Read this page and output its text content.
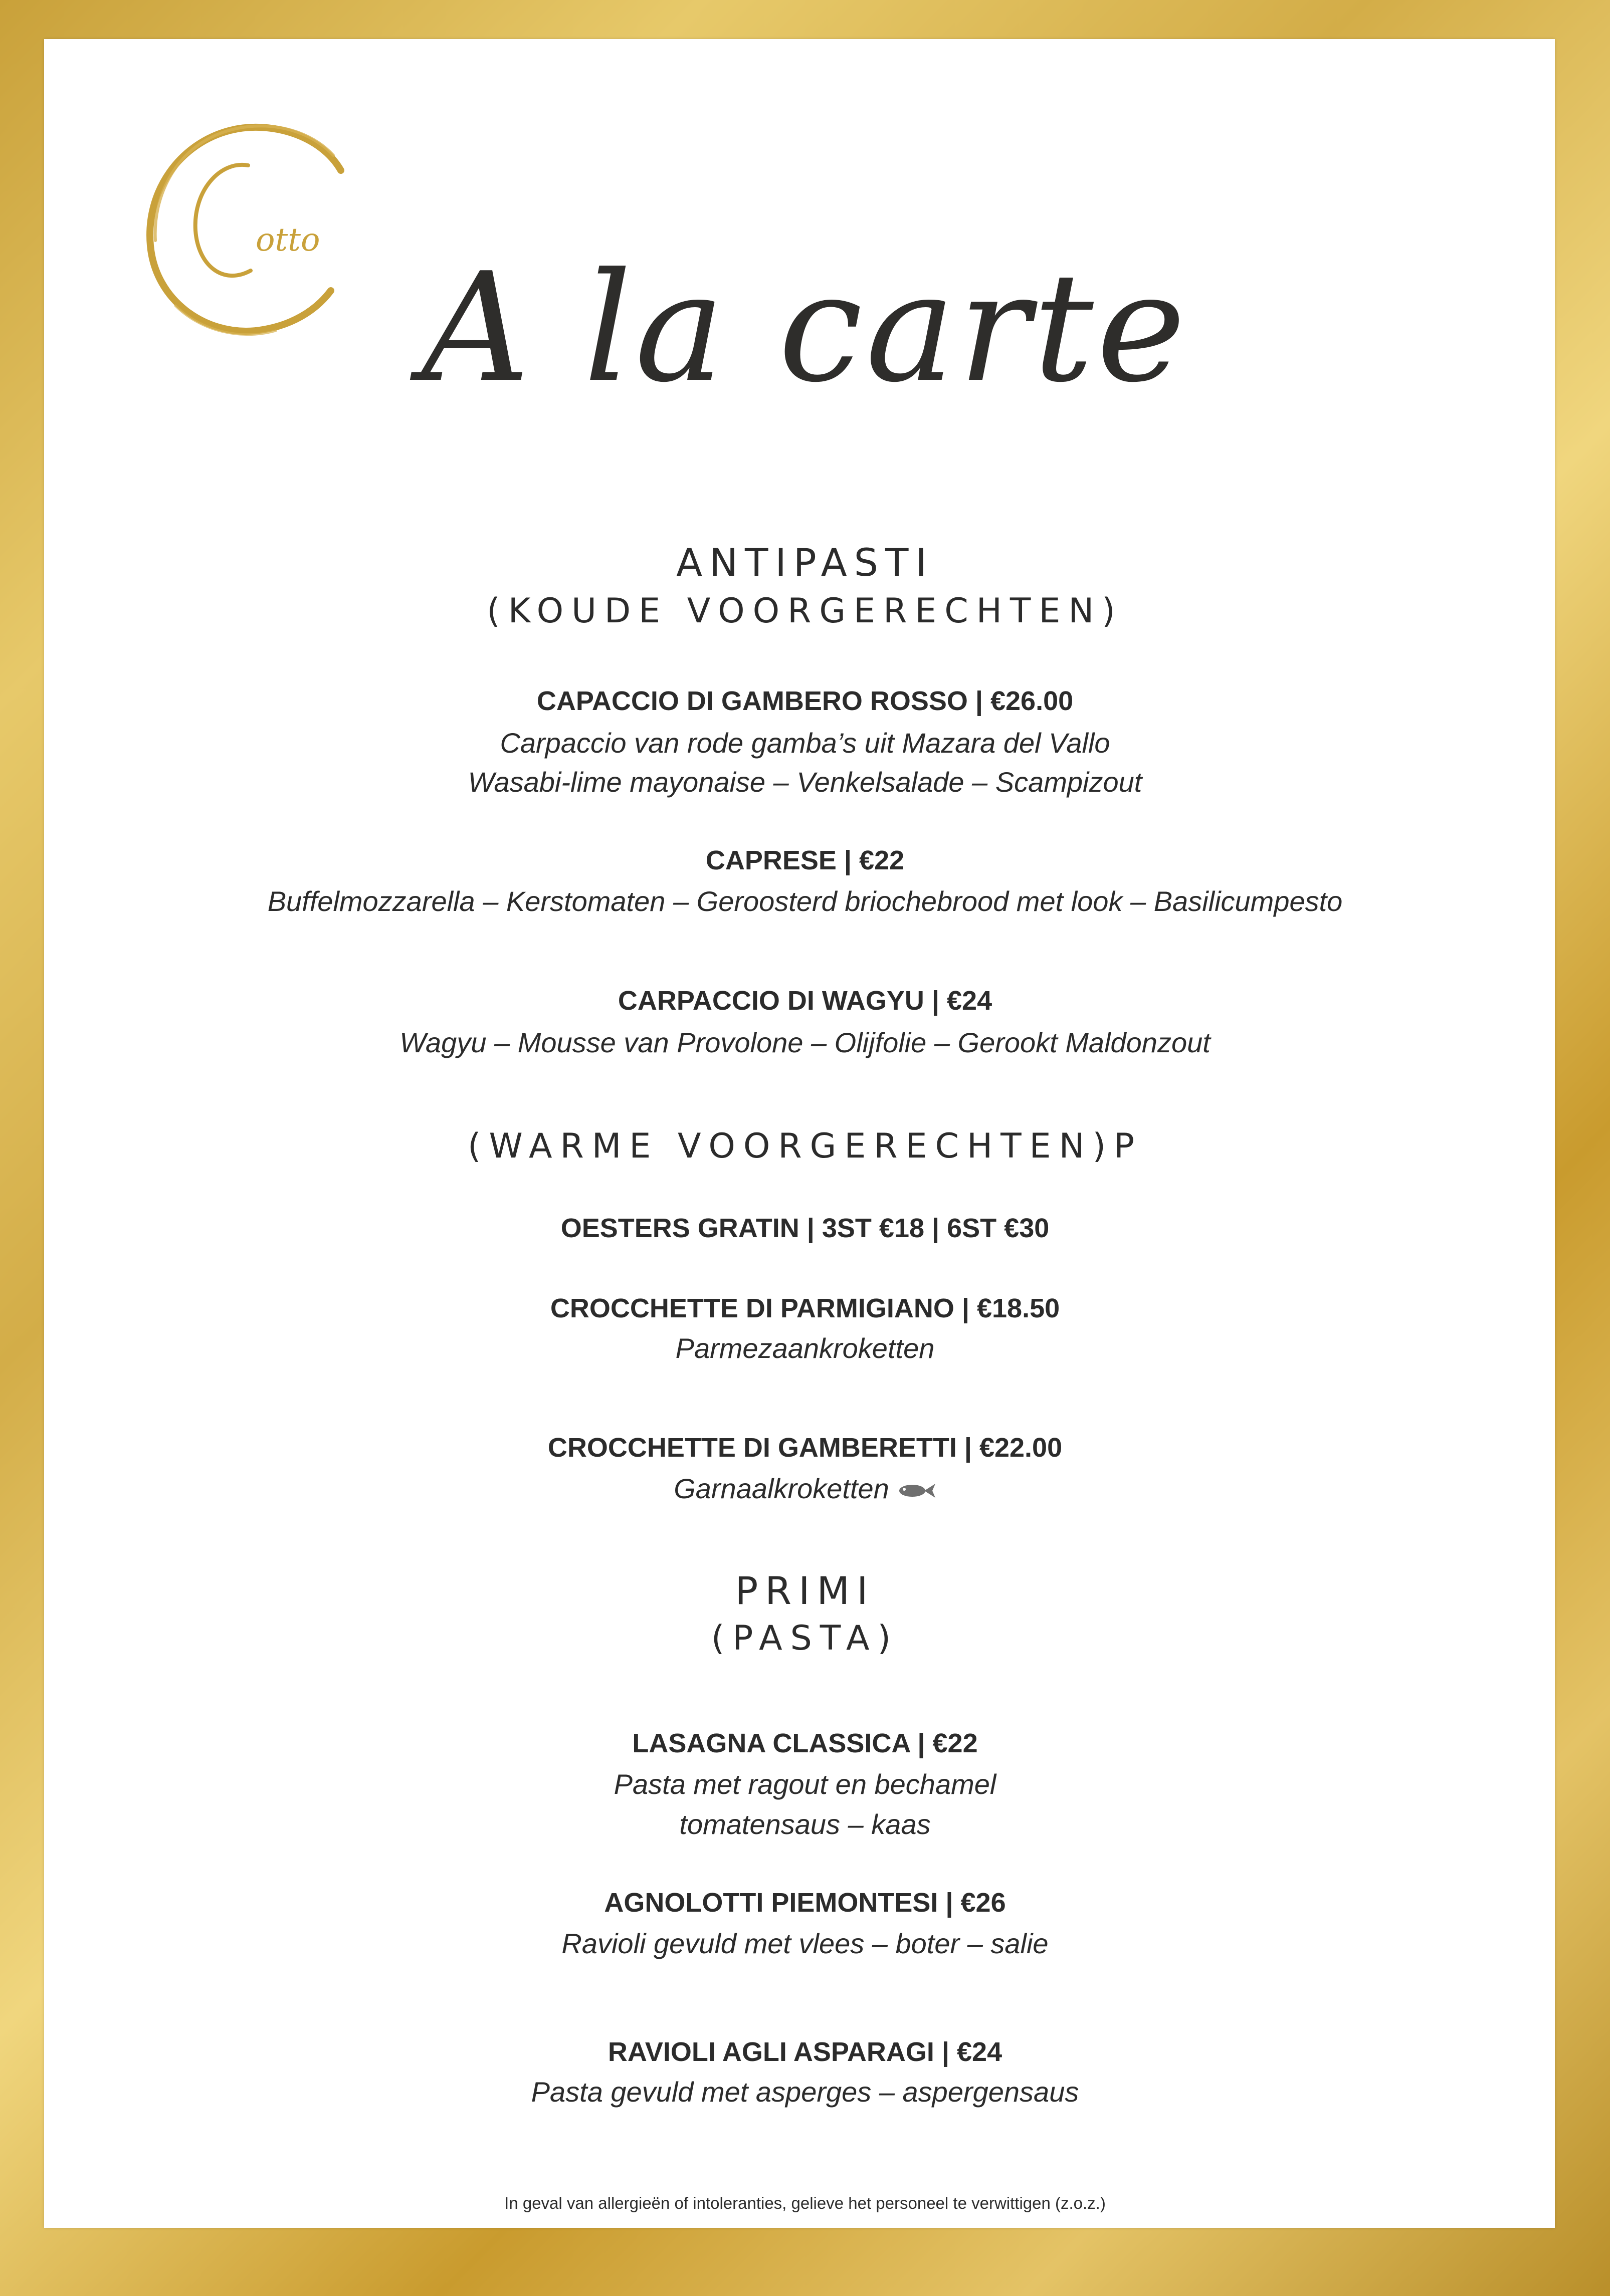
otto
A la carte
ANTIPASTI
(KOUDE VOORGERECHTEN)
CAPACCIO DI GAMBERO ROSSO | €26.00
Carpaccio van rode gamba’s uit Mazara del Vallo
Wasabi-lime mayonaise – Venkelsalade – Scampizout
CAPRESE | €22
Buffelmozzarella – Kerstomaten – Geroosterd briochebrood met look – Basilicumpesto
CARPACCIO DI WAGYU | €24
Wagyu – Mousse van Provolone – Olijfolie – Gerookt Maldonzout
(WARME VOORGERECHTEN)P
OESTERS GRATIN | 3ST €18 | 6ST €30
CROCCHETTE DI PARMIGIANO | €18.50
Parmezaankroketten
CROCCHETTE DI GAMBERETTI | €22.00
Garnaalkroketten
PRIMI
(PASTA)
LASAGNA CLASSICA | €22
Pasta met ragout en bechamel
tomatensaus – kaas
AGNOLOTTI PIEMONTESI | €26
Ravioli gevuld met vlees – boter – salie
RAVIOLI AGLI ASPARAGI | €24
Pasta gevuld met asperges – aspergensaus
In geval van allergieën of intoleranties, gelieve het personeel te verwittigen (z.o.z.)
